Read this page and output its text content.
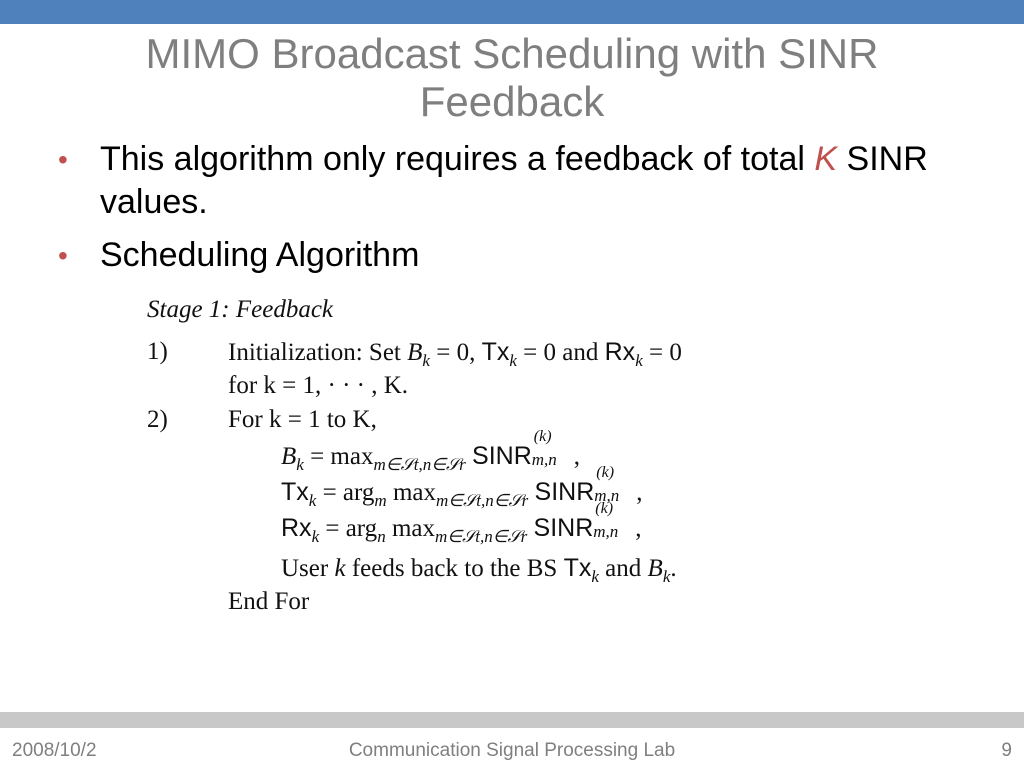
MIMO Broadcast Scheduling with SINR Feedback
• This algorithm only requires a feedback of total K SINR values.
• Scheduling Algorithm
Stage 1: Feedback
1) Initialization: Set $B_k = 0$, $Tx_k = 0$ and $Rx_k = 0$
for k = 1, · · · , K.
2) For k = 1 to K,
$B_k = \max_{m\in 𝒮t,n\in 𝒮r}$ SINR
(k)
m,n ,
$Tx_k = arg_m$ $\max_{m\in 𝒮t,n\in 𝒮r}$ SINR
(k)
m,n ,
$Rx_k = arg_n$ $\max_{m\in 𝒮t,n\in 𝒮r}$ SINR
(k)
m,n ,
User k feeds back to the BS $Tx_k$ and $B_k$.
End For
2008/10/2	Communication Signal Processing Lab	9
